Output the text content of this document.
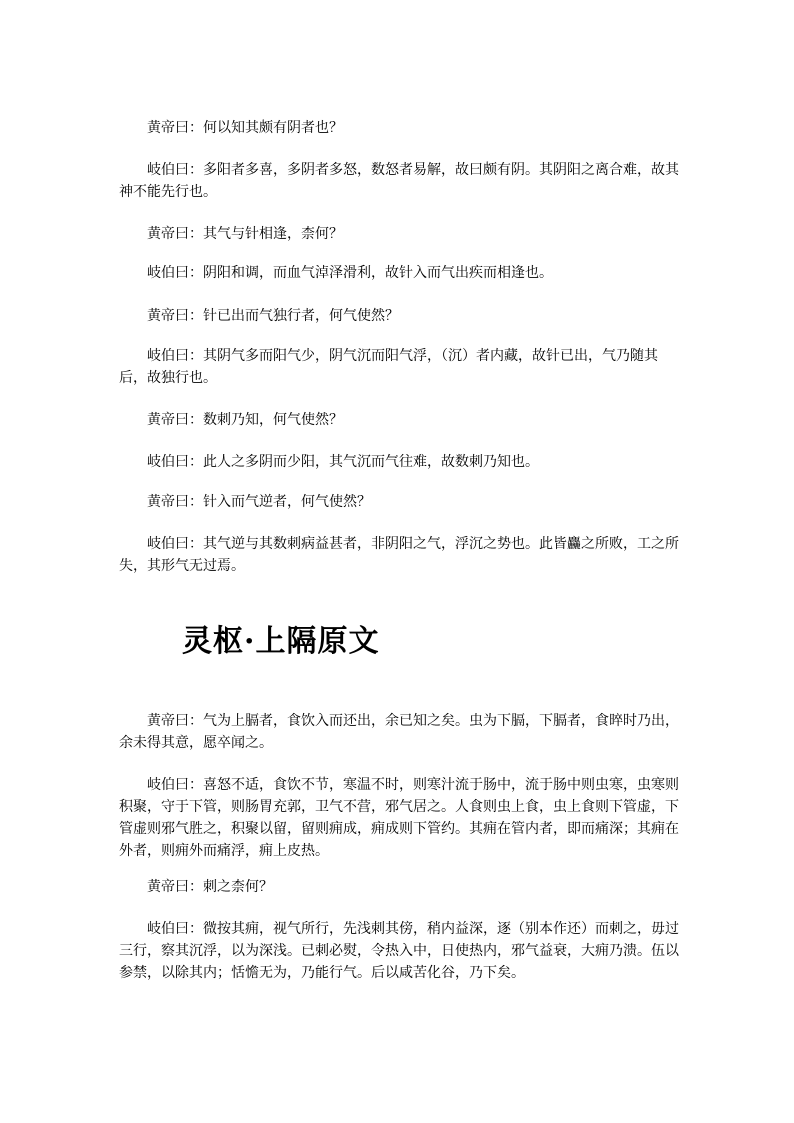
黄帝曰：何以知其颇有阴者也？

岐伯曰：多阳者多喜，多阴者多怒，数怒者易解，故曰颇有阴。其阴阳之离合难，故其神不能先行也。

黄帝曰：其气与针相逢，柰何？

岐伯曰：阴阳和调，而血气淖泽滑利，故针入而气出疾而相逢也。

黄帝曰：针已出而气独行者，何气使然？

岐伯曰：其阴气多而阳气少，阴气沉而阳气浮，（沉）者内藏，故针已出，气乃随其后，故独行也。

黄帝曰：数刺乃知，何气使然？

岐伯曰：此人之多阴而少阳，其气沉而气往难，故数刺乃知也。

黄帝曰：针入而气逆者，何气使然？

岐伯曰：其气逆与其数刺病益甚者，非阴阳之气，浮沉之势也。此皆麤之所败，工之所失，其形气无过焉。

灵枢·上隔原文

黄帝曰：气为上膈者，食饮入而还出，余已知之矣。虫为下膈，下膈者，食晬时乃出，余未得其意，愿卒闻之。

岐伯曰：喜怒不适，食饮不节，寒温不时，则寒汁流于肠中，流于肠中则虫寒，虫寒则积聚，守于下管，则肠胃充郭，卫气不营，邪气居之。人食则虫上食，虫上食则下管虚，下管虚则邪气胜之，积聚以留，留则痈成，痈成则下管约。其痈在管内者，即而痛深；其痈在外者，则痈外而痛浮，痈上皮热。

黄帝曰：刺之柰何？

岐伯曰：微按其痈，视气所行，先浅刺其傍，稍内益深，逐（别本作还）而刺之，毋过三行，察其沉浮，以为深浅。已刺必熨，令热入中，日使热内，邪气益衰，大痈乃溃。伍以参禁，以除其内；恬憺无为，乃能行气。后以咸苦化谷，乃下矣。
